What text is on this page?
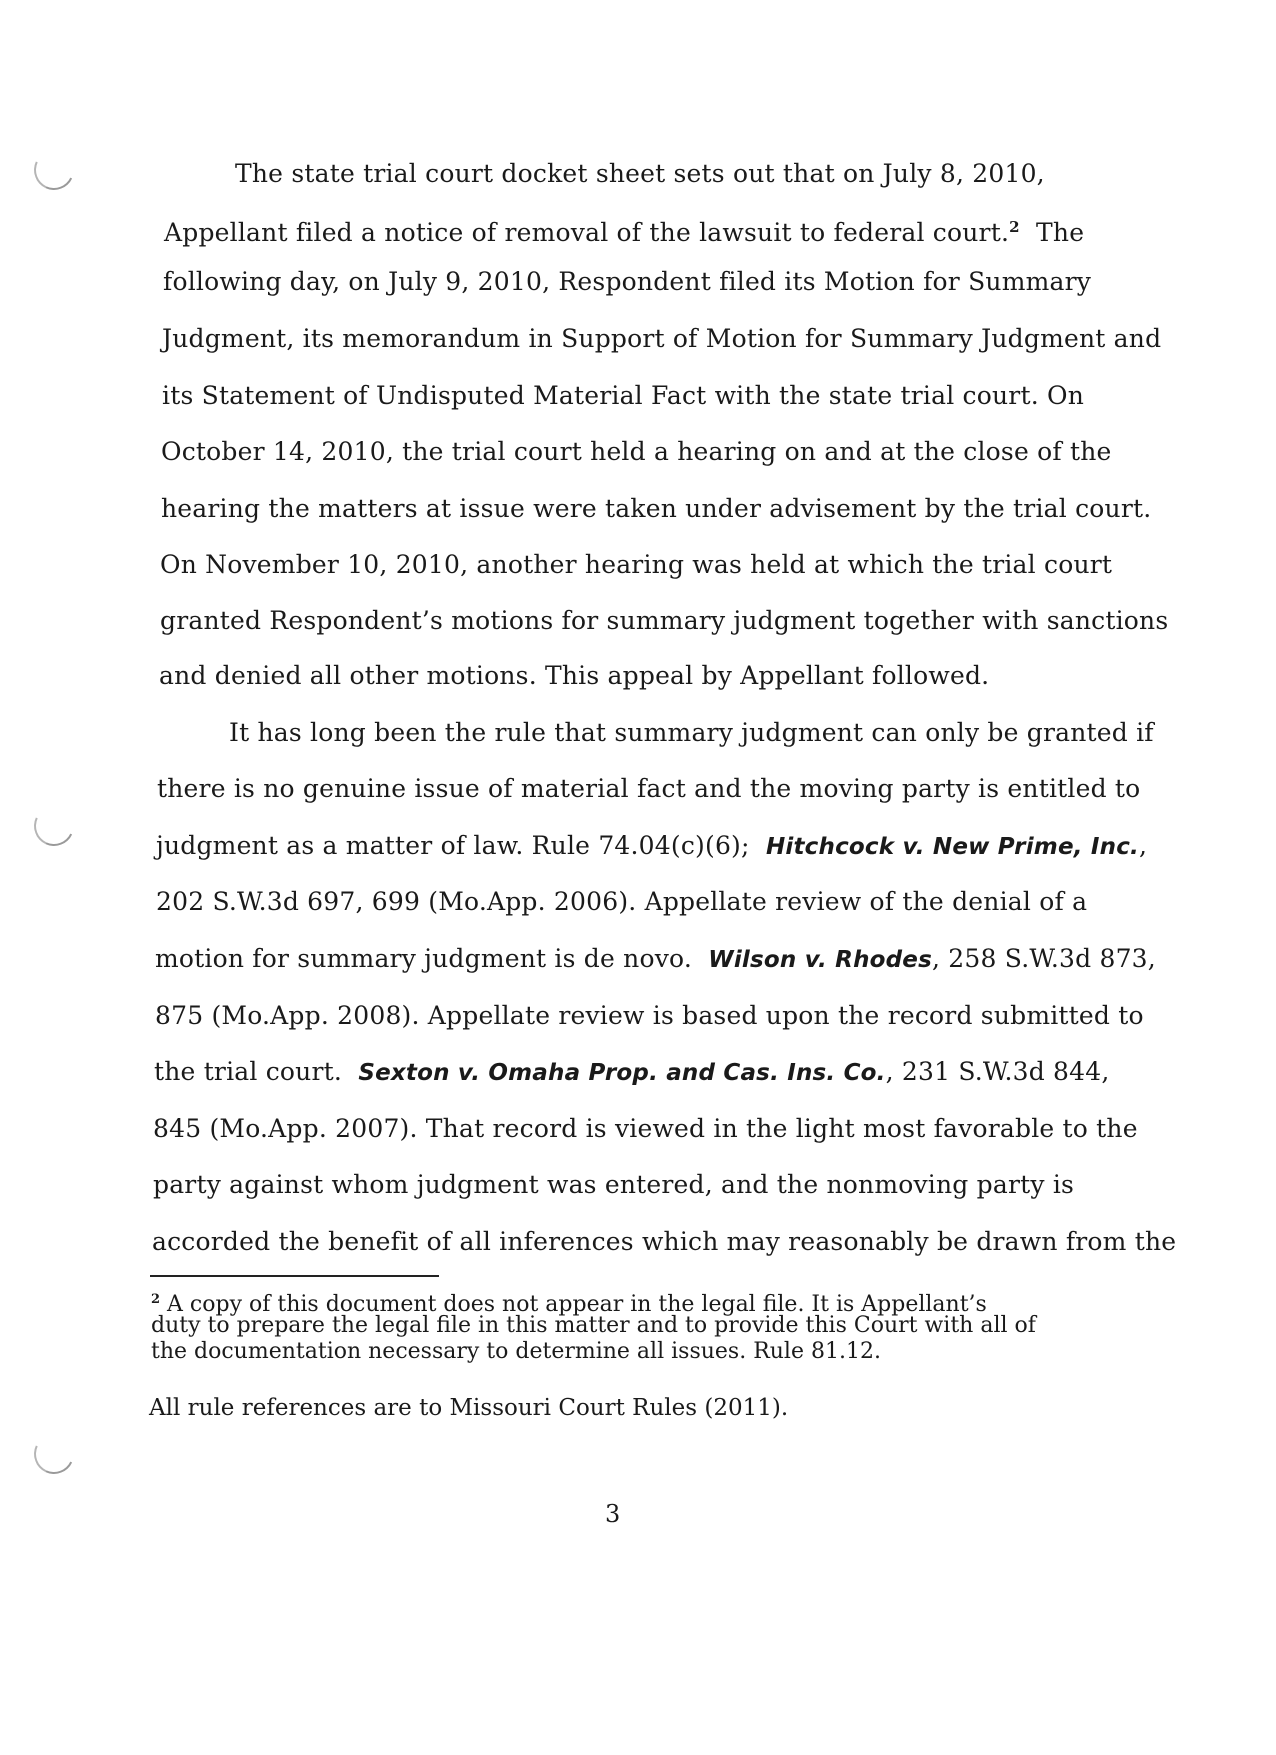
The state trial court docket sheet sets out that on July 8, 2010,
Appellant filed a notice of removal of the lawsuit to federal court.$^2$ The
following day, on July 9, 2010, Respondent filed its Motion for Summary
Judgment, its memorandum in Support of Motion for Summary Judgment and
its Statement of Undisputed Material Fact with the state trial court. On
October 14, 2010, the trial court held a hearing on and at the close of the
hearing the matters at issue were taken under advisement by the trial court.
On November 10, 2010, another hearing was held at which the trial court
granted Respondent’s motions for summary judgment together with sanctions
and denied all other motions. This appeal by Appellant followed.
It has long been the rule that summary judgment can only be granted if
there is no genuine issue of material fact and the moving party is entitled to
judgment as a matter of law. Rule 74.04(c)(6); Hitchcock v. New Prime, Inc.,
202 S.W.3d 697, 699 (Mo.App. 2006). Appellate review of the denial of a
motion for summary judgment is de novo. Wilson v. Rhodes, 258 S.W.3d 873,
875 (Mo.App. 2008). Appellate review is based upon the record submitted to
the trial court. Sexton v. Omaha Prop. and Cas. Ins. Co., 231 S.W.3d 844,
845 (Mo.App. 2007). That record is viewed in the light most favorable to the
party against whom judgment was entered, and the nonmoving party is
accorded the benefit of all inferences which may reasonably be drawn from the
$^2$ A copy of this document does not appear in the legal file. It is Appellant’s
duty to prepare the legal file in this matter and to provide this Court with all of
the documentation necessary to determine all issues. Rule 81.12.
All rule references are to Missouri Court Rules (2011).
3
